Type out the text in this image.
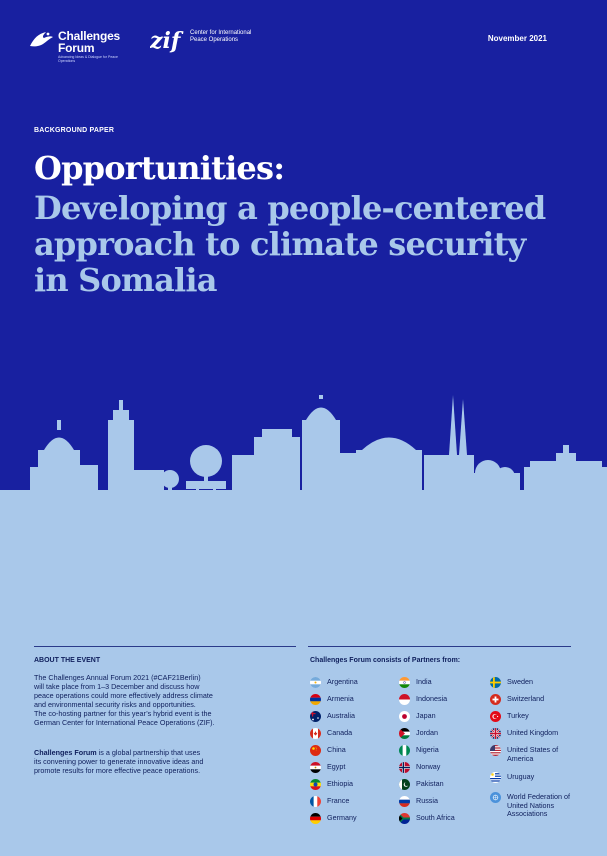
Challenges Forum
Advancing Ideas & Dialogue for Peace Operations
zif	Center for International Peace Operations	November 2021
BACKGROUND PAPER
Opportunities:
Developing a people-centered
approach to climate security
in Somalia
ABOUT THE EVENT
The Challenges Annual Forum 2021 (#CAF21Berlin)
will take place from 1–3 December and discuss how
peace operations could more effectively address climate
and environmental security risks and opportunities.
The co-hosting partner for this year’s hybrid event is the
German Center for International Peace Operations (ZIF).
Challenges Forum is a global partnership that uses
its convening power to generate innovative ideas and
promote results for more effective peace operations.
Challenges Forum consists of Partners from:
Argentina
Armenia
Australia
Canada
China
Egypt
Ethiopia
France
Germany
India
Indonesia
Japan
Jordan
Nigeria
Norway
Pakistan
Russia
South Africa
Sweden
Switzerland
Turkey
United Kingdom
United States of America
Uruguay
World Federation of United Nations Associations
